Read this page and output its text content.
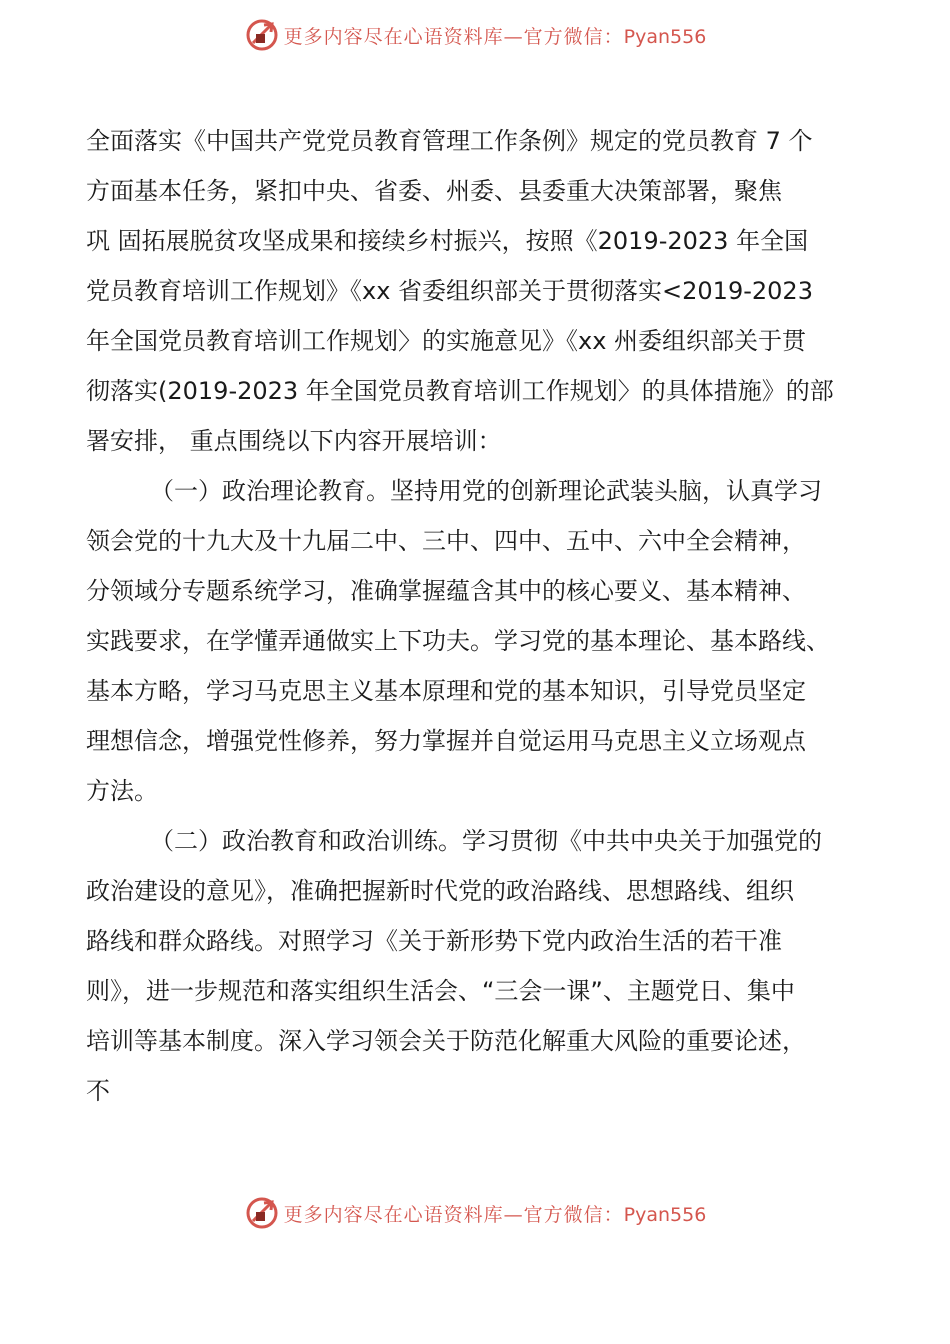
更多内容尽在心语资料库—官方微信：Pyan556
全面落实《中国共产党党员教育管理工作条例》规定的党员教育 7 个
方面基本任务，紧扣中央、省委、州委、县委重大决策部署，聚焦
巩 固拓展脱贫攻坚成果和接续乡村振兴，按照《2019-2023 年全国
党员教育培训工作规划》《xx 省委组织部关于贯彻落实<2019-2023
年全国党员教育培训工作规划〉的实施意见》《xx 州委组织部关于贯
彻落实(2019-2023 年全国党员教育培训工作规划〉的具体措施》的部
署安排， 重点围绕以下内容开展培训：
（一）政治理论教育。坚持用党的创新理论武装头脑，认真学习
领会党的十九大及十九届二中、三中、四中、五中、六中全会精神，
分领域分专题系统学习，准确掌握蕴含其中的核心要义、基本精神、
实践要求，在学懂弄通做实上下功夫。学习党的基本理论、基本路线、
基本方略，学习马克思主义基本原理和党的基本知识，引导党员坚定
理想信念，增强党性修养，努力掌握并自觉运用马克思主义立场观点
方法。
（二）政治教育和政治训练。学习贯彻《中共中央关于加强党的
政治建设的意见》，准确把握新时代党的政治路线、思想路线、组织
路线和群众路线。对照学习《关于新形势下党内政治生活的若干准
则》，进一步规范和落实组织生活会、“三会一课”、主题党日、集中
培训等基本制度。深入学习领会关于防范化解重大风险的重要论述，
不
更多内容尽在心语资料库—官方微信：Pyan556
